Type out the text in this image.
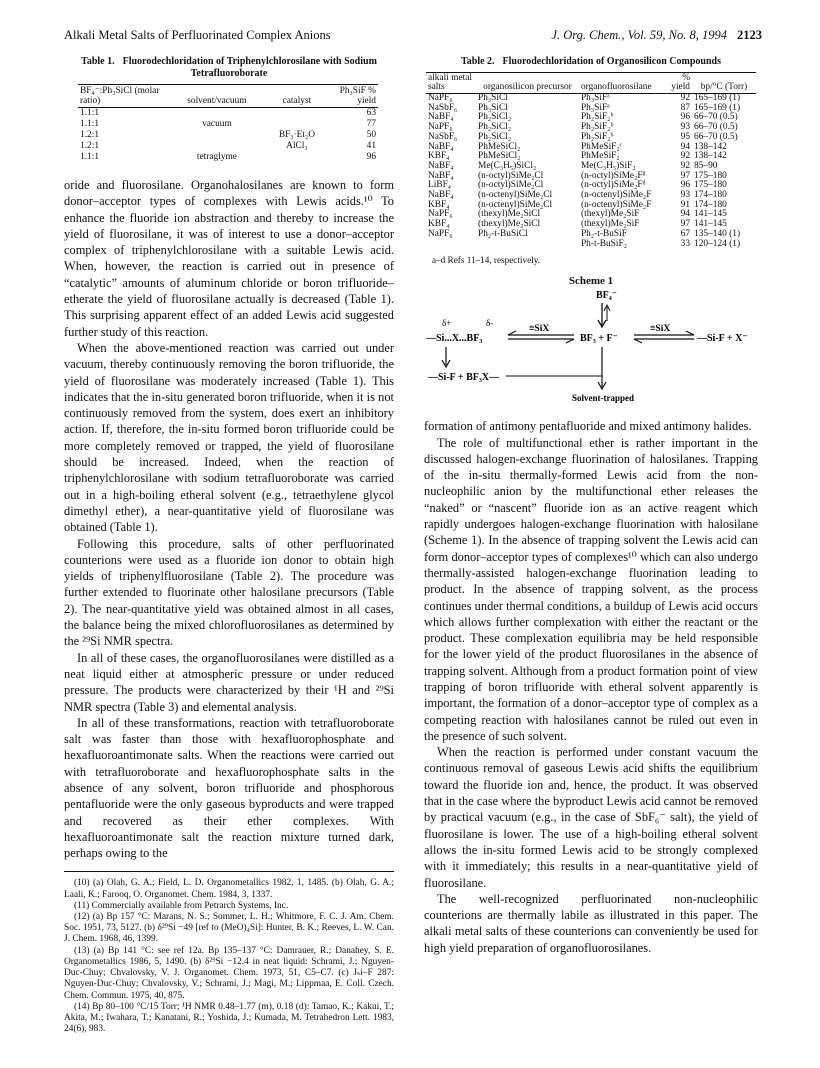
Alkali Metal Salts of Perfluorinated Complex Anions	J. Org. Chem., Vol. 59, No. 8, 1994 2123
Table 1. Fluorodechloridation of Triphenylchlorosilane with Sodium Tetrafluoroborate
BF₄⁻:Ph₃SiCl (molar ratio)	solvent/vacuum	catalyst	Ph₃SiF % yield
1.1:1			63
1.1:1	vacuum		77
1.2:1		BF₃·Et₂O	50
1.2:1		AlCl₃	41
1.1:1	tetraglyme		96

oride and fluorosilane. Organohalosilanes are known to form donor–acceptor types of complexes with Lewis acids.¹⁰ To enhance the fluoride ion abstraction and thereby to increase the yield of fluorosilane, it was of interest to use a donor–acceptor complex of triphenylchlorosilane with a suitable Lewis acid. When, however, the reaction is carried out in presence of “catalytic” amounts of aluminum chloride or boron trifluoride–etherate the yield of fluorosilane actually is decreased (Table 1). This surprising apparent effect of an added Lewis acid suggested further study of this reaction.

When the above-mentioned reaction was carried out under vacuum, thereby continuously removing the boron trifluoride, the yield of fluorosilane was moderately increased (Table 1). This indicates that the in-situ generated boron trifluoride, when it is not continuously removed from the system, does exert an inhibitory action. If, therefore, the in-situ formed boron trifluoride could be more completely removed or trapped, the yield of fluorosilane should be increased. Indeed, when the reaction of triphenylchlorosilane with sodium tetrafluoroborate was carried out in a high-boiling etheral solvent (e.g., tetraethylene glycol dimethyl ether), a near-quantitative yield of fluorosilane was obtained (Table 1).

Following this procedure, salts of other perfluorinated counterions were used as a fluoride ion donor to obtain high yields of triphenylfluorosilane (Table 2). The procedure was further extended to fluorinate other halosilane precursors (Table 2). The near-quantitative yield was obtained almost in all cases, the balance being the mixed chlorofluorosilanes as determined by the ²⁹Si NMR spectra.

In all of these cases, the organofluorosilanes were distilled as a neat liquid either at atmospheric pressure or under reduced pressure. The products were characterized by their ¹H and ²⁹Si NMR spectra (Table 3) and elemental analysis.

In all of these transformations, reaction with tetrafluoroborate salt was faster than those with hexafluorophosphate and hexafluoroantimonate salts. When the reactions were carried out with tetrafluoroborate and hexafluorophosphate salts in the absence of any solvent, boron trifluoride and phosphorous pentafluoride were the only gaseous byproducts and were trapped and recovered as their ether complexes. With hexafluoroantimonate salt the reaction mixture turned dark, perhaps owing to the

(10) (a) Olah, G. A.; Field, L. D. Organometallics 1982, 1, 1485. (b) Olah, G. A.; Laali, K.; Farooq, O. Organomet. Chem. 1984, 3, 1337.

(11) Commercially available from Petrarch Systems, Inc.

(12) (a) Bp 157 °C: Marans, N. S.; Sommer, L. H.; Whitmore, F. C. J. Am. Chem. Soc. 1951, 73, 5127. (b) δ²⁹Si −49 [ref to (MeO)₄Si]: Hunter, B. K.; Reeves, L. W. Can. J. Chem. 1968, 46, 1399.

(13) (a) Bp 141 °C: see ref 12a. Bp 135–137 °C: Damrauer, R.; Danahey, S. E. Organometallics 1986, 5, 1490. (b) δ²⁹Si −12.4 in neat liquid: Schrami, J.; Nguyen-Duc-Chuy; Chvalovsky, V. J. Organomet. Chem. 1973, 51, C5–C7. (c) Jₛi–F 287: Nguyen-Duc-Chuy; Chvalovsky, V.; Schrami, J.; Magi, M.; Lippmaa, E. Coll. Czech. Chem. Commun. 1975, 40, 875.

(14) Bp 80–100 °C/15 Torr; ¹H NMR 0.48–1.77 (m), 0.18 (d): Tamao, K.; Kakui, T.; Akita, M.; Iwahara, T.; Kanatani, R.; Yoshida, J.; Kumada, M. Tetrahedron Lett. 1983, 24(6), 983.

Table 2. Fluorodechloridation of Organosilicon Compounds
alkali metal salts	organosilicon precursor	organofluorosilane	% yield	bp/°C (Torr)
NaPF₆	Ph₃SiCl	Ph₃SiFᵃ	92	165–169 (1)
NaSbF₆	Ph₃SiCl	Ph₃SiFᵃ	87	165–169 (1)
NaBF₄	Ph₂SiCl₂	Ph₂SiF₂ᵇ	96	66–70 (0.5)
NaPF₆	Ph₂SiCl₂	Ph₂SiF₂ᵇ	93	66–70 (0.5)
NaSbF₆	Ph₂SiCl₂	Ph₂SiF₂ᵇ	95	66–70 (0.5)
NaBF₄	PhMeSiCl₂	PhMeSiF₂ᶜ	94	138–142
KBF₄	PhMeSiCl₂	PhMeSiF₂	92	138–142
NaBF₄	Me(C₃H₅)SiCl₂	Me(C₃H₅)SiF₂	92	85–90
NaBF₄	(n-octyl)SiMe₂Cl	(n-octyl)SiMe₂Fᵈ	97	175–180
LiBF₄	(n-octyl)SiMe₂Cl	(n-octyl)SiMe₂Fᵈ	96	175–180
NaBF₄	(n-octenyl)SiMe₂Cl	(n-octenyl)SiMe₂F	93	174–180
KBF₄	(n-octenyl)SiMe₂Cl	(n-octenyl)SiMe₂F	91	174–180
NaPF₆	(thexyl)Me₂SiCl	(thexyl)Me₂SiF	94	141–145
KBF₄	(thexyl)Me₂SiCl	(thexyl)Me₂SiF	97	141–145
NaPF₆	Ph₂-t-BuSiCl	Ph₂-t-BuSiF	67	135–140 (1)
		Ph-t-BuSiF₂	33	120–124 (1)
a–d Refs 11–14, respectively.
Scheme 1
BF₄⁻
δ+	δ-
—Si...X...BF₃
≡SiX
BF₃ + F⁻
≡SiX
—Si-F + X⁻
—Si-F + BF₃X—
Solvent-trapped

formation of antimony pentafluoride and mixed antimony halides.

The role of multifunctional ether is rather important in the discussed halogen-exchange fluorination of halosilanes. Trapping of the in-situ thermally-formed Lewis acid from the non-nucleophilic anion by the multifunctional ether releases the “naked” or “nascent” fluoride ion as an active reagent which rapidly undergoes halogen-exchange fluorination with halosilane (Scheme 1). In the absence of trapping solvent the Lewis acid can form donor–acceptor types of complexes¹⁰ which can also undergo thermally-assisted halogen-exchange fluorination leading to product. In the absence of trapping solvent, as the process continues under thermal conditions, a buildup of Lewis acid occurs which allows further complexation with either the reactant or the product. These complexation equilibria may be held responsible for the lower yield of the product fluorosilanes in the absence of trapping solvent. Although from a product formation point of view trapping of boron trifluoride with etheral solvent apparently is important, the formation of a donor–acceptor type of complex as a competing reaction with halosilanes cannot be ruled out even in the presence of such solvent.

When the reaction is performed under constant vacuum the continuous removal of gaseous Lewis acid shifts the equilibrium toward the fluoride ion and, hence, the product. It was observed that in the case where the byproduct Lewis acid cannot be removed by practical vacuum (e.g., in the case of SbF₆⁻ salt), the yield of fluorosilane is lower. The use of a high-boiling etheral solvent allows the in-situ formed Lewis acid to be strongly complexed with it immediately; this results in a near-quantitative yield of fluorosilane.

The well-recognized perfluorinated non-nucleophilic counterions are thermally labile as illustrated in this paper. The alkali metal salts of these counterions can conveniently be used for high yield preparation of organofluorosilanes.
